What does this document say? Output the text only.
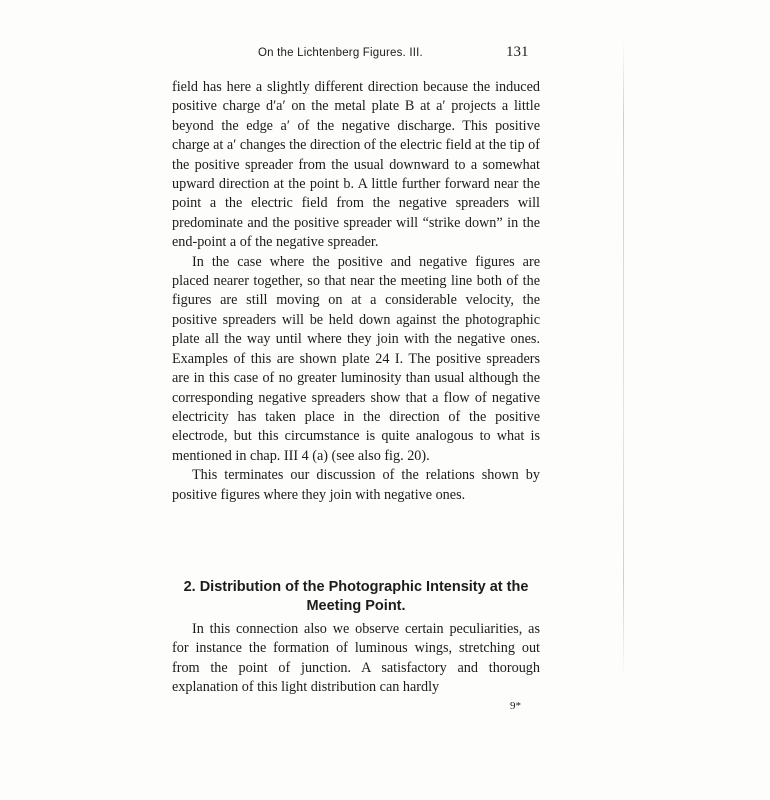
On the Lichtenberg Figures. III.	131

field has here a slightly different direction because the induced positive charge d′a′ on the metal plate B at a′ projects a little beyond the edge a′ of the negative discharge. This positive charge at a′ changes the direction of the electric field at the tip of the positive spreader from the usual downward to a somewhat upward direction at the point b. A little further forward near the point a the electric field from the negative spreaders will predominate and the positive spreader will “strike down” in the end-point a of the negative spreader.

In the case where the positive and negative figures are placed nearer together, so that near the meeting line both of the figures are still moving on at a considerable velocity, the positive spreaders will be held down against the photographic plate all the way until where they join with the negative ones. Examples of this are shown plate 24 I. The positive spreaders are in this case of no greater luminosity than usual although the corresponding negative spreaders show that a flow of negative electricity has taken place in the direction of the positive electrode, but this circumstance is quite analogous to what is mentioned in chap. III 4 (a) (see also fig. 20).

This terminates our discussion of the relations shown by positive figures where they join with negative ones.

2. Distribution of the Photographic Intensity at the Meeting Point.

In this connection also we observe certain peculiarities, as for instance the formation of luminous wings, stretching out from the point of junction. A satisfactory and thorough explanation of this light distribution can hardly

9*
